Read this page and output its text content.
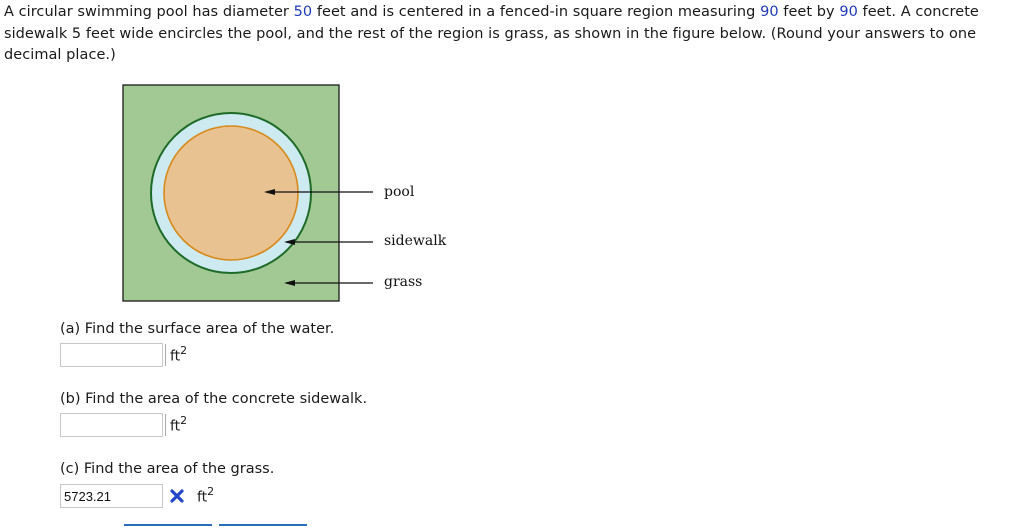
A circular swimming pool has diameter 50 feet and is centered in a fenced-in square region measuring 90 feet by 90 feet. A concrete sidewalk 5 feet wide encircles the pool, and the rest of the region is grass, as shown in the figure below. (Round your answers to one decimal place.)
pool
sidewalk
grass
(a) Find the surface area of the water.
$ft^2$
(b) Find the area of the concrete sidewalk.
$ft^2$
(c) Find the area of the grass.
5723.21
$ft^2$
